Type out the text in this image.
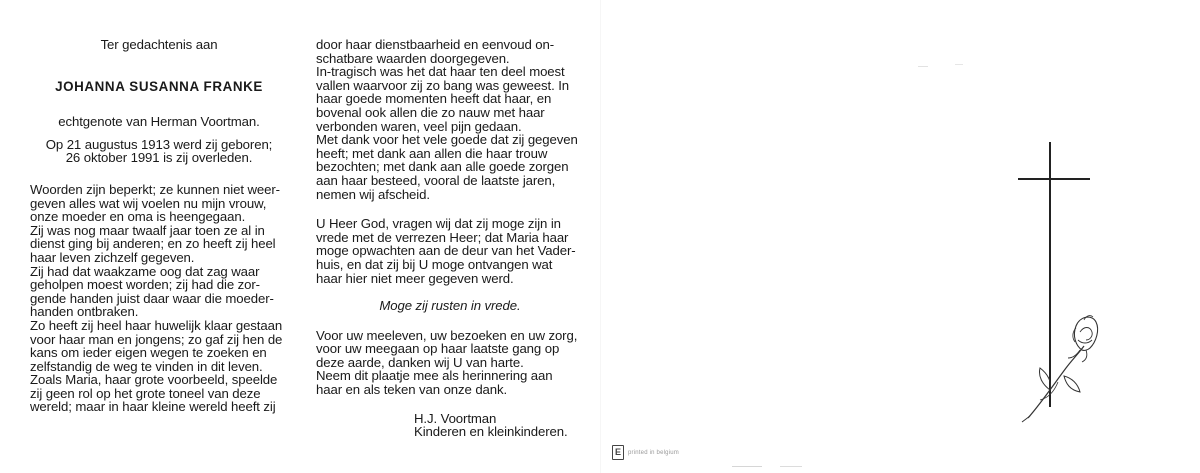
Ter gedachtenis aan
JOHANNA SUSANNA FRANKE
echtgenote van Herman Voortman.
Op 21 augustus 1913 werd zij geboren;
26 oktober 1991 is zij overleden.
Woorden zijn beperkt; ze kunnen niet weer-
geven alles wat wij voelen nu mijn vrouw,
onze moeder en oma is heengegaan.
Zij was nog maar twaalf jaar toen ze al in
dienst ging bij anderen; en zo heeft zij heel
haar leven zichzelf gegeven.
Zij had dat waakzame oog dat zag waar
geholpen moest worden; zij had die zor-
gende handen juist daar waar die moeder-
handen ontbraken.
Zo heeft zij heel haar huwelijk klaar gestaan
voor haar man en jongens; zo gaf zij hen de
kans om ieder eigen wegen te zoeken en
zelfstandig de weg te vinden in dit leven.
Zoals Maria, haar grote voorbeeld, speelde
zij geen rol op het grote toneel van deze
wereld; maar in haar kleine wereld heeft zij
door haar dienstbaarheid en eenvoud on-
schatbare waarden doorgegeven.
In-tragisch was het dat haar ten deel moest
vallen waarvoor zij zo bang was geweest. In
haar goede momenten heeft dat haar, en
bovenal ook allen die zo nauw met haar
verbonden waren, veel pijn gedaan.
Met dank voor het vele goede dat zij gegeven
heeft; met dank aan allen die haar trouw
bezochten; met dank aan alle goede zorgen
aan haar besteed, vooral de laatste jaren,
nemen wij afscheid.
U Heer God, vragen wij dat zij moge zijn in
vrede met de verrezen Heer; dat Maria haar
moge opwachten aan de deur van het Vader-
huis, en dat zij bij U moge ontvangen wat
haar hier niet meer gegeven werd.
Moge zij rusten in vrede.
Voor uw meeleven, uw bezoeken en uw zorg,
voor uw meegaan op haar laatste gang op
deze aarde, danken wij U van harte.
Neem dit plaatje mee als herinnering aan
haar en als teken van onze dank.
H.J. Voortman
Kinderen en kleinkinderen.
E	printed in belgium
